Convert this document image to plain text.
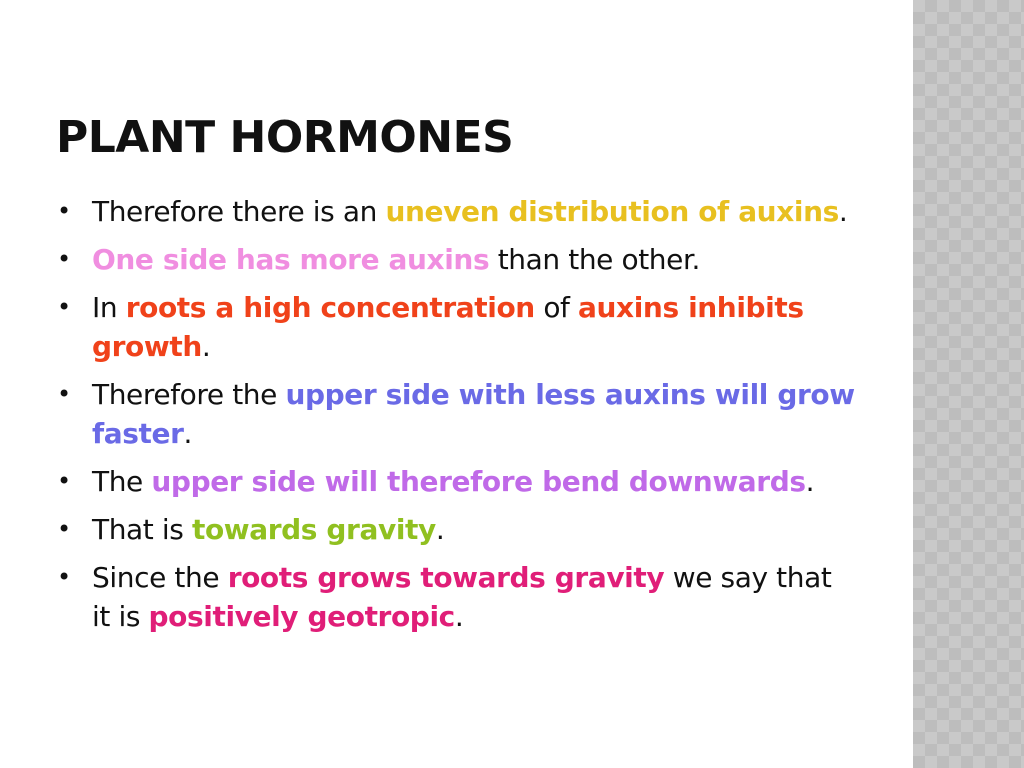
PLANT HORMONES
• Therefore there is an uneven distribution of auxins.
• One side has more auxins than the other.
• In roots a high concentration of auxins inhibits growth.
• Therefore the upper side with less auxins will grow faster.
• The upper side will therefore bend downwards.
• That is towards gravity.
• Since the roots grows towards gravity we say that it is positively geotropic.
